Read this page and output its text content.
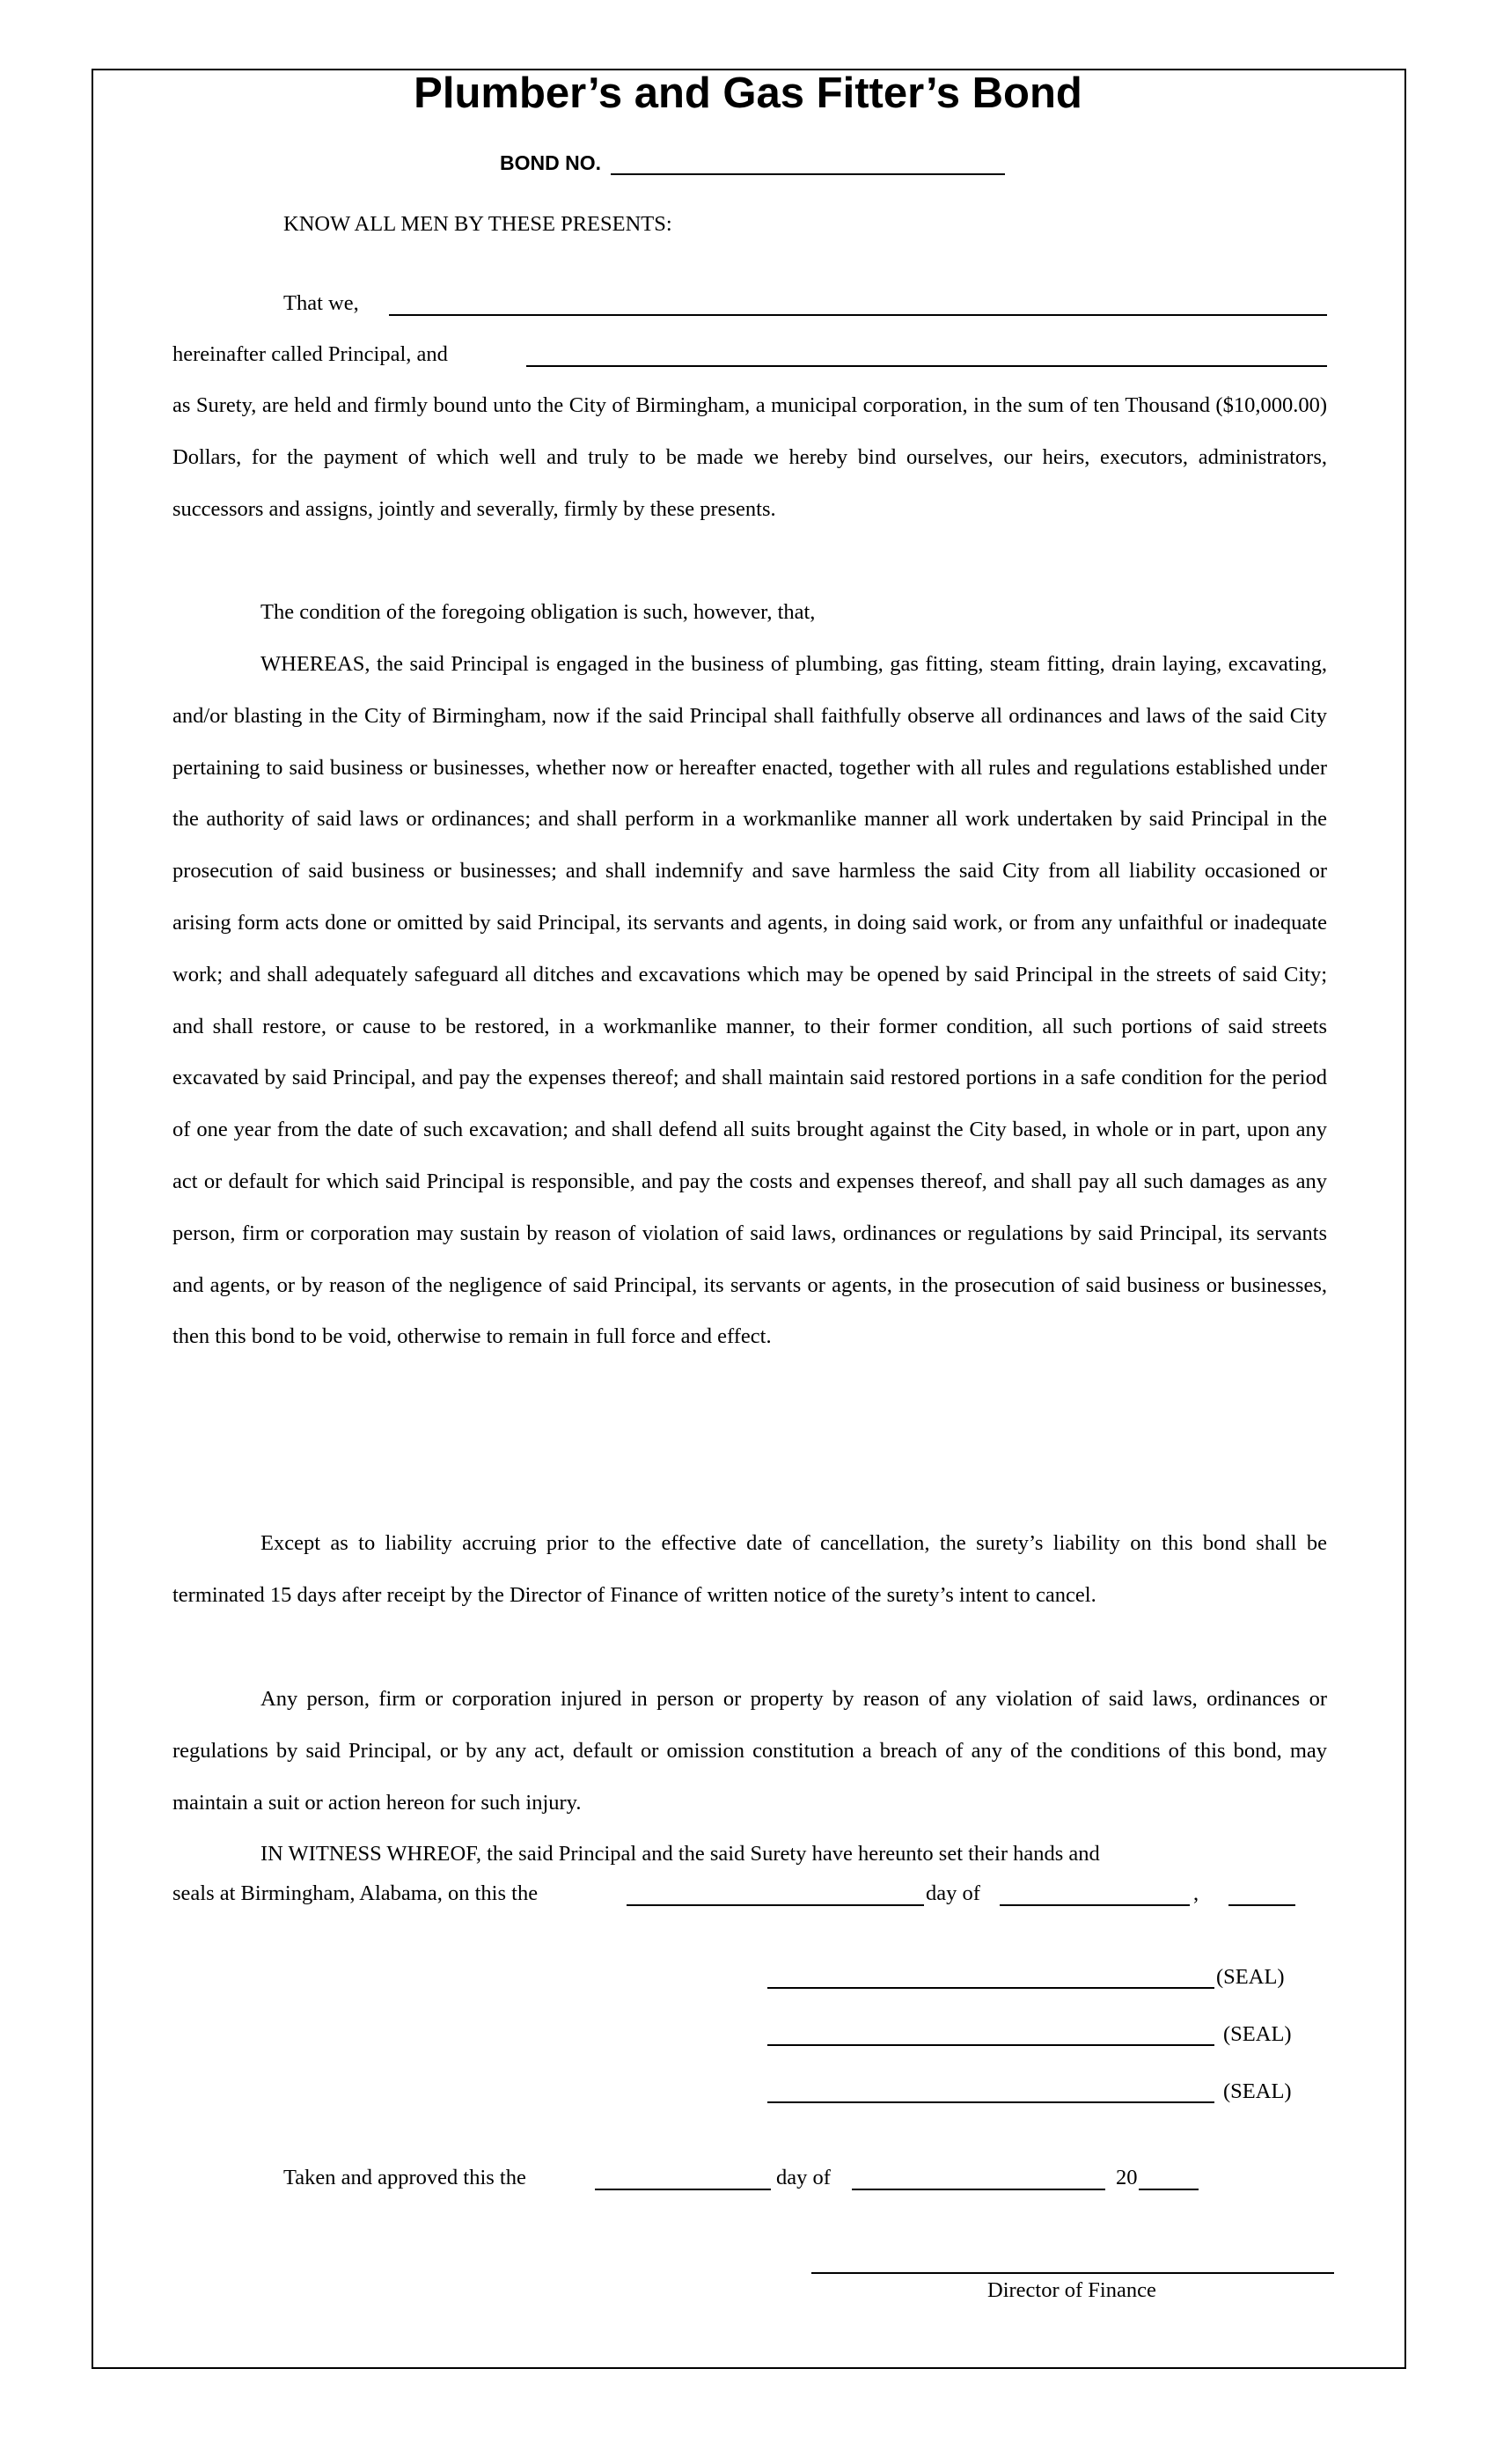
Plumber’s and Gas Fitter’s Bond
BOND NO.
KNOW ALL MEN BY THESE PRESENTS:
That we,
hereinafter called Principal, and

as Surety, are held and firmly bound unto the City of Birmingham, a municipal corporation, in the sum of ten Thousand ($10,000.00) Dollars, for the payment of which well and truly to be made we hereby bind ourselves, our heirs, executors, administrators, successors and assigns, jointly and severally, firmly by these presents.

The condition of the foregoing obligation is such, however, that,

WHEREAS, the said Principal is engaged in the business of plumbing, gas fitting, steam fitting, drain laying, excavating, and/or blasting in the City of Birmingham, now if the said Principal shall faithfully observe all ordinances and laws of the said City pertaining to said business or businesses, whether now or hereafter enacted, together with all rules and regulations established under the authority of said laws or ordinances; and shall perform in a workmanlike manner all work undertaken by said Principal in the prosecution of said business or businesses; and shall indemnify and save harmless the said City from all liability occasioned or arising form acts done or omitted by said Principal, its servants and agents, in doing said work, or from any unfaithful or inadequate work; and shall adequately safeguard all ditches and excavations which may be opened by said Principal in the streets of said City; and shall restore, or cause to be restored, in a workmanlike manner, to their former condition, all such portions of said streets excavated by said Principal, and pay the expenses thereof; and shall maintain said restored portions in a safe condition for the period of one year from the date of such excavation; and shall defend all suits brought against the City based, in whole or in part, upon any act or default for which said Principal is responsible, and pay the costs and expenses thereof, and shall pay all such damages as any person, firm or corporation may sustain by reason of violation of said laws, ordinances or regulations by said Principal, its servants and agents, or by reason of the negligence of said Principal, its servants or agents, in the prosecution of said business or businesses, then this bond to be void, otherwise to remain in full force and effect.

Except as to liability accruing prior to the effective date of cancellation, the surety’s liability on this bond shall be terminated 15 days after receipt by the Director of Finance of written notice of the surety’s intent to cancel.

Any person, firm or corporation injured in person or property by reason of any violation of said laws, ordinances or regulations by said Principal, or by any act, default or omission constitution a breach of any of the conditions of this bond, may maintain a suit or action hereon for such injury.

IN WITNESS WHREOF, the said Principal and the said Surety have hereunto set their hands and

seals at Birmingham, Alabama, on this the	day of	,
(SEAL)
(SEAL)
(SEAL)
Taken and approved this the	day of	20
Director of Finance
